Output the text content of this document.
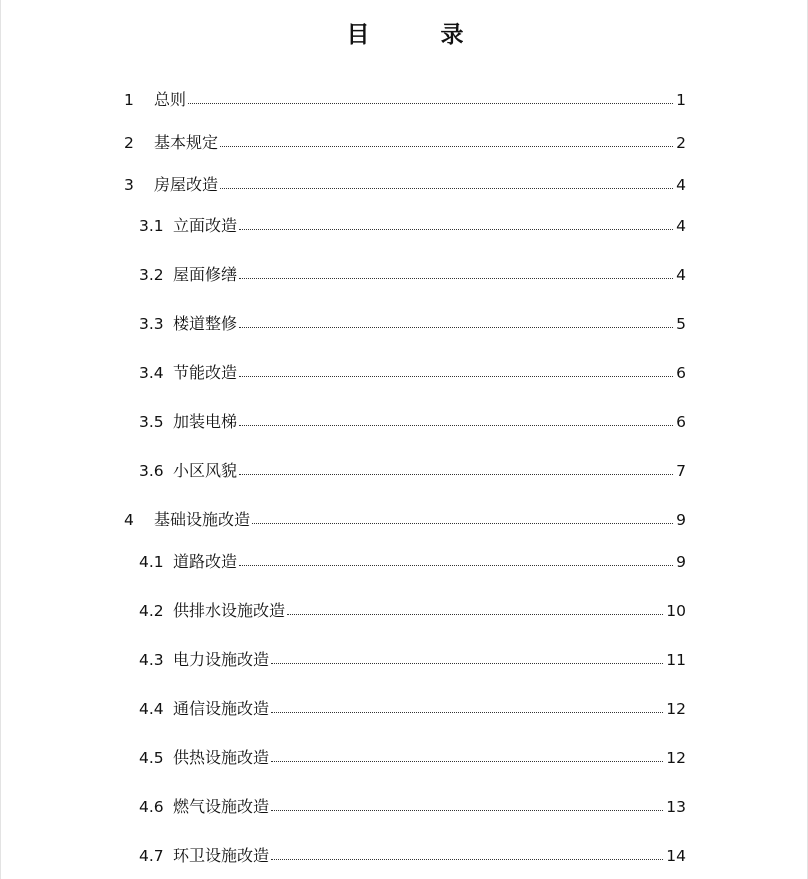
目　录
1 总则	1
2 基本规定	2
3 房屋改造	4
3.1 立面改造	4
3.2 屋面修缮	4
3.3 楼道整修	5
3.4 节能改造	6
3.5 加装电梯	6
3.6 小区风貌	7
4 基础设施改造	9
4.1 道路改造	9
4.2 供排水设施改造	10
4.3 电力设施改造	11
4.4 通信设施改造	12
4.5 供热设施改造	12
4.6 燃气设施改造	13
4.7 环卫设施改造	14
